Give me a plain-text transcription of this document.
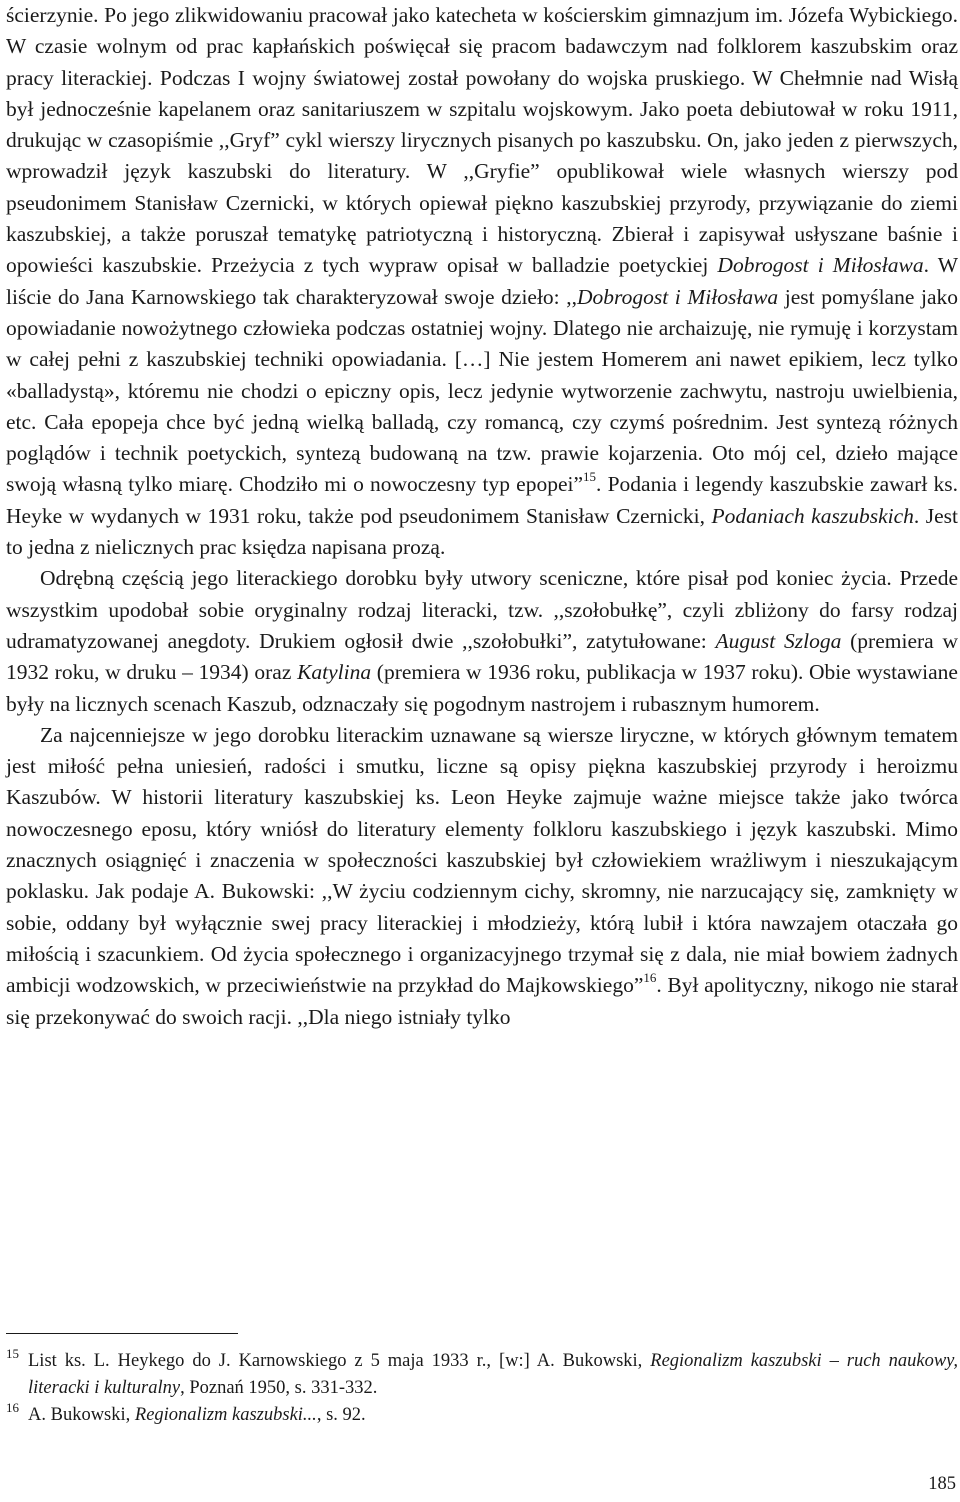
ścierzynie. Po jego zlikwidowaniu pracował jako katecheta w kościerskim gimnazjum im. Józefa Wybickiego. W czasie wolnym od prac kapłańskich poświęcał się pracom badawczym nad folklorem kaszubskim oraz pracy literackiej. Podczas I wojny światowej został powołany do wojska pruskiego. W Chełmnie nad Wisłą był jednocześnie kapelanem oraz sanitariuszem w szpitalu wojskowym. Jako poeta debiutował w roku 1911, drukując w czasopiśmie ,,Gryf” cykl wierszy lirycznych pisanych po kaszubsku. On, jako jeden z pierwszych, wprowadził język kaszubski do literatury. W ,,Gryfie” opublikował wiele własnych wierszy pod pseudonimem Stanisław Czernicki, w których opiewał piękno kaszubskiej przyrody, przywiązanie do ziemi kaszubskiej, a także poruszał tematykę patriotyczną i historyczną. Zbierał i zapisywał usłyszane baśnie i opowieści kaszubskie. Przeżycia z tych wypraw opisał w balladzie poetyckiej Dobrogost i Miłosława. W liście do Jana Karnowskiego tak charakteryzował swoje dzieło: ,,Dobrogost i Miłosława jest pomyślane jako opowiadanie nowożytnego człowieka podczas ostatniej wojny. Dlatego nie archaizuję, nie rymuję i korzystam w całej pełni z kaszubskiej techniki opowiadania. […] Nie jestem Homerem ani nawet epikiem, lecz tylko «balladystą», któremu nie chodzi o epiczny opis, lecz jedynie wytworzenie zachwytu, nastroju uwielbienia, etc. Cała epopeja chce być jedną wielką balladą, czy romancą, czy czymś pośrednim. Jest syntezą różnych poglądów i technik poetyckich, syntezą budowaną na tzw. prawie kojarzenia. Oto mój cel, dzieło mające swoją własną tylko miarę. Chodziło mi o nowoczesny typ epopei”$^{15}$. Podania i legendy kaszubskie zawarł ks. Heyke w wydanych w 1931 roku, także pod pseudonimem Stanisław Czernicki, Podaniach kaszubskich. Jest to jedna z nielicznych prac księdza napisana prozą.

Odrębną częścią jego literackiego dorobku były utwory sceniczne, które pisał pod koniec życia. Przede wszystkim upodobał sobie oryginalny rodzaj literacki, tzw. ,,szołobułkę”, czyli zbliżony do farsy rodzaj udramatyzowanej anegdoty. Drukiem ogłosił dwie ,,szołobułki”, zatytułowane: August Szloga (premiera w 1932 roku, w druku – 1934) oraz Katylina (premiera w 1936 roku, publikacja w 1937 roku). Obie wystawiane były na licznych scenach Kaszub, odznaczały się pogodnym nastrojem i rubasznym humorem.

Za najcenniejsze w jego dorobku literackim uznawane są wiersze liryczne, w których głównym tematem jest miłość pełna uniesień, radości i smutku, liczne są opisy piękna kaszubskiej przyrody i heroizmu Kaszubów. W historii literatury kaszubskiej ks. Leon Heyke zajmuje ważne miejsce także jako twórca nowoczesnego eposu, który wniósł do literatury elementy folkloru kaszubskiego i język kaszubski. Mimo znacznych osiągnięć i znaczenia w społeczności kaszubskiej był człowiekiem wrażliwym i nieszukającym poklasku. Jak podaje A. Bukowski: ,,W życiu codziennym cichy, skromny, nie narzucający się, zamknięty w sobie, oddany był wyłącznie swej pracy literackiej i młodzieży, którą lubił i która nawzajem otaczała go miłością i szacunkiem. Od życia społecznego i organizacyjnego trzymał się z dala, nie miał bowiem żadnych ambicji wodzowskich, w przeciwieństwie na przykład do Majkowskiego”$^{16}$. Był apolityczny, nikogo nie starał się przekonywać do swoich racji. ,,Dla niego istniały tylko

15 List ks. L. Heykego do J. Karnowskiego z 5 maja 1933 r., [w:] A. Bukowski, Regionalizm kaszubski – ruch naukowy, literacki i kulturalny, Poznań 1950, s. 331-332.

16 A. Bukowski, Regionalizm kaszubski..., s. 92.

185
